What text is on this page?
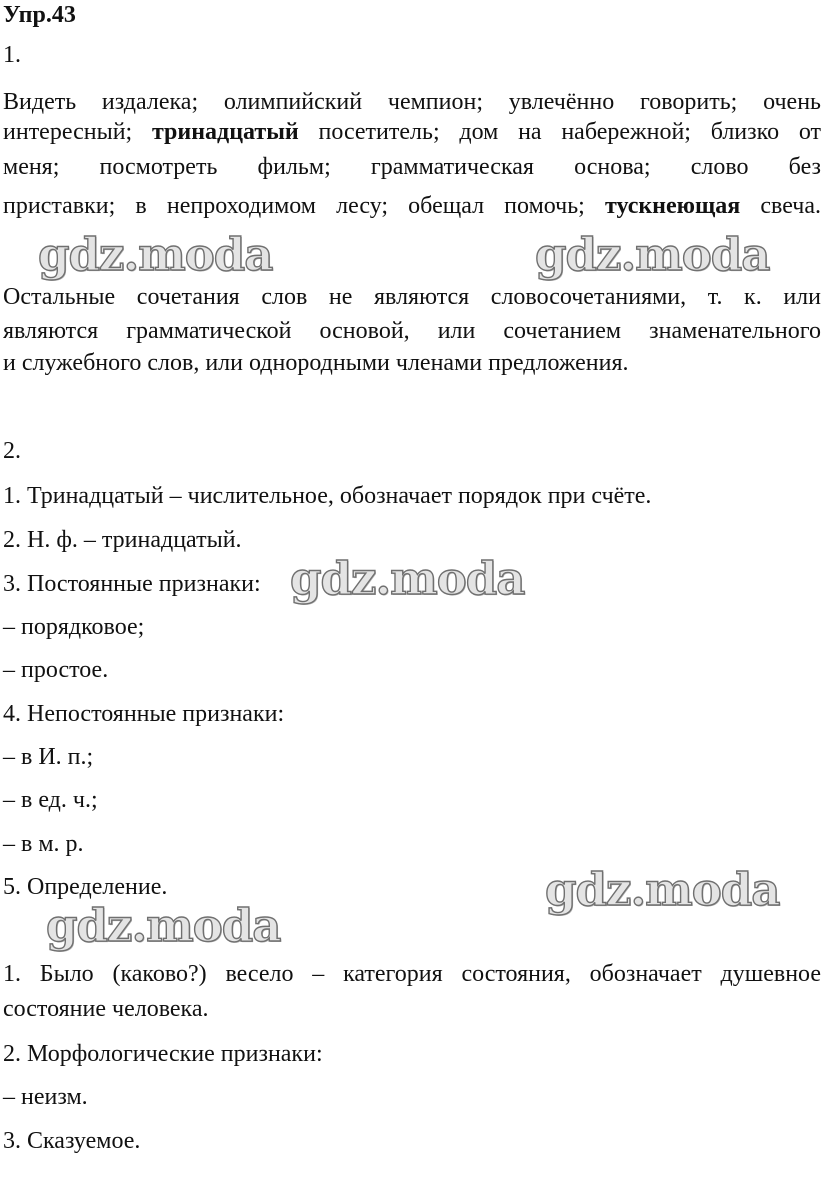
Упр.43
1.
Видеть издалека; олимпийский чемпион; увлечённо говорить; очень
интересный; тринадцатый посетитель; дом на набережной; близко от
меня; посмотреть фильм; грамматическая основа; слово без
приставки; в непроходимом лесу; обещал помочь; тускнеющая свеча.
Остальные сочетания слов не являются словосочетаниями, т. к. или
являются грамматической основой, или сочетанием знаменательного
и служебного слов, или однородными членами предложения.
2.
1. Тринадцатый – числительное, обозначает порядок при счёте.
2. Н. ф. – тринадцатый.
3. Постоянные признаки:
– порядковое;
– простое.
4. Непостоянные признаки:
– в И. п.;
– в ед. ч.;
– в м. р.
5. Определение.
1. Было (каково?) весело – категория состояния, обозначает душевное
состояние человека.
2. Морфологические признаки:
– неизм.
3. Сказуемое.
gdz.moda	gdz.moda
gdz.moda
gdz.moda
gdz.moda
